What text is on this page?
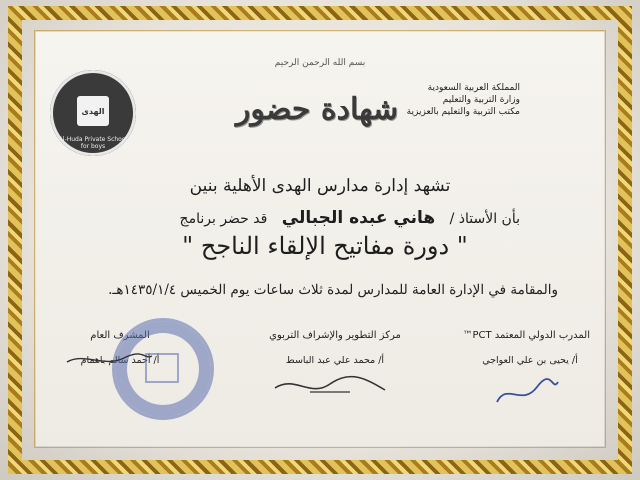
بسم الله الرحمن الرحيم
شهادة حضور
المملكة العربية السعودية
وزارة التربية والتعليم
مكتب التربية والتعليم بالعزيزية
الهدى
Al-Huda Private School for boys
تشهد إدارة مدارس الهدى الأهلية بنين
بأن الأستاذ / هاني عبده الجبالي قد حضر برنامج
" دورة مفاتيح الإلقاء الناجح "
والمقامة في الإدارة العامة للمدارس لمدة ثلاث ساعات يوم الخميس ١٤٣٥/١/٤هـ.
المدرب الدولي المعتمد PCT™
أ/ يحيى بن علي العواجي
مركز التطوير والإشراف التربوي
أ/ محمد علي عبد الباسط
المشرف العام
أ/ أحمد سالم باهمام
